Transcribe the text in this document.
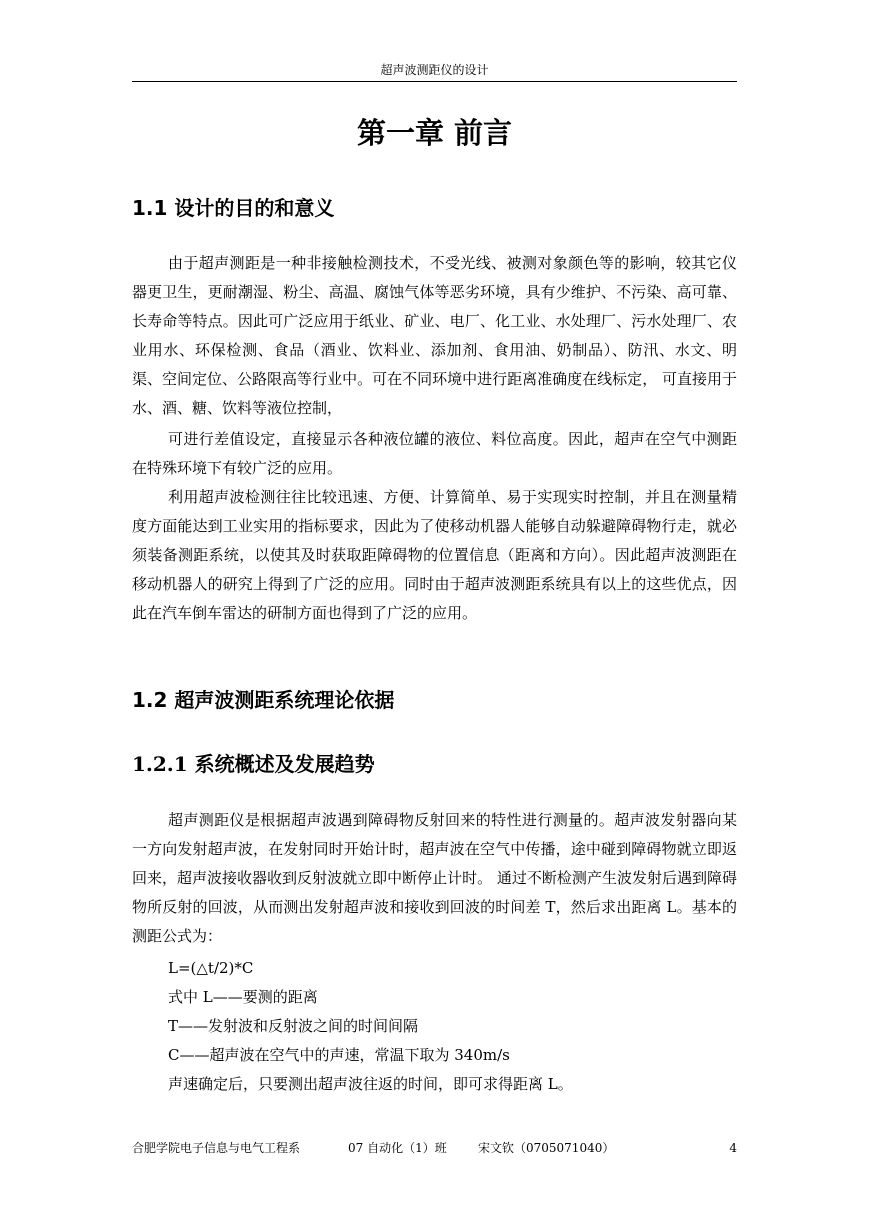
超声波测距仪的设计
第一章 前言
1.1 设计的目的和意义

由于超声测距是一种非接触检测技术，不受光线、被测对象颜色等的影响，较其它仪器更卫生，更耐潮湿、粉尘、高温、腐蚀气体等恶劣环境，具有少维护、不污染、高可靠、长寿命等特点。因此可广泛应用于纸业、矿业、电厂、化工业、水处理厂、污水处理厂、农业用水、环保检测、食品（酒业、饮料业、添加剂、食用油、奶制品）、防汛、水文、明渠、空间定位、公路限高等行业中。可在不同环境中进行距离准确度在线标定， 可直接用于水、酒、糖、饮料等液位控制，

可进行差值设定，直接显示各种液位罐的液位、料位高度。因此，超声在空气中测距在特殊环境下有较广泛的应用。

利用超声波检测往往比较迅速、方便、计算简单、易于实现实时控制，并且在测量精度方面能达到工业实用的指标要求，因此为了使移动机器人能够自动躲避障碍物行走，就必须装备测距系统，以使其及时获取距障碍物的位置信息（距离和方向）。因此超声波测距在移动机器人的研究上得到了广泛的应用。同时由于超声波测距系统具有以上的这些优点，因此在汽车倒车雷达的研制方面也得到了广泛的应用。

1.2 超声波测距系统理论依据
1.2.1 系统概述及发展趋势

超声测距仪是根据超声波遇到障碍物反射回来的特性进行测量的。超声波发射器向某一方向发射超声波，在发射同时开始计时，超声波在空气中传播，途中碰到障碍物就立即返回来，超声波接收器收到反射波就立即中断停止计时。 通过不断检测产生波发射后遇到障碍物所反射的回波，从而测出发射超声波和接收到回波的时间差 T，然后求出距离 L。基本的测距公式为：

L=(△t/2)*C
式中 L——要测的距离
T——发射波和反射波之间的时间间隔
C——超声波在空气中的声速，常温下取为 340m/s
声速确定后，只要测出超声波往返的时间，即可求得距离 L。
合肥学院电子信息与电气工程系	07 自动化（1）班	宋文钦（0705071040）	4
